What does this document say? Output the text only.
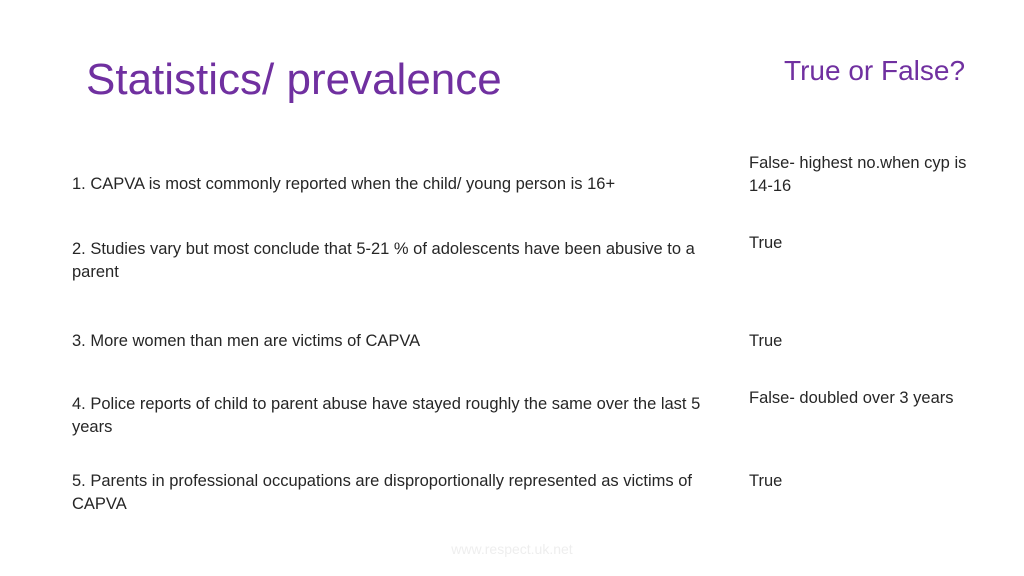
Statistics/ prevalence	True or False?
1. CAPVA is most commonly reported when the child/ young person is 16+
False- highest no.when cyp is 14-16
2. Studies vary but most conclude that 5-21 % of adolescents have been abusive to a parent
True
3. More women than men are victims of CAPVA	True
4. Police reports of child to parent abuse have stayed roughly the same over the last 5 years
False- doubled over 3 years
5. Parents in professional occupations are disproportionally represented as victims of CAPVA
True
www.respect.uk.net
